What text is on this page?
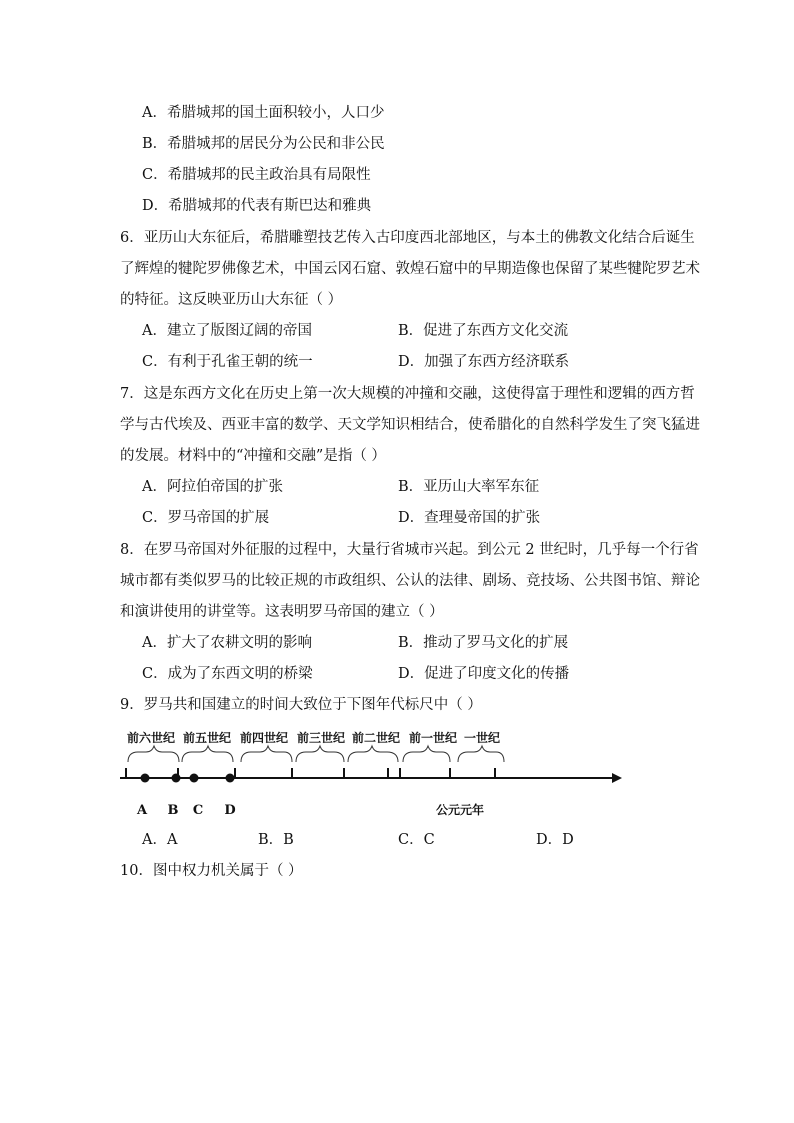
A．希腊城邦的国土面积较小，人口少
B．希腊城邦的居民分为公民和非公民
C．希腊城邦的民主政治具有局限性
D．希腊城邦的代表有斯巴达和雅典
6．亚历山大东征后，希腊雕塑技艺传入古印度西北部地区，与本土的佛教文化结合后诞生
了辉煌的犍陀罗佛像艺术，中国云冈石窟、敦煌石窟中的早期造像也保留了某些犍陀罗艺术
的特征。这反映亚历山大东征（ ）
A．建立了版图辽阔的帝国	B．促进了东西方文化交流
C．有利于孔雀王朝的统一	D．加强了东西方经济联系
7．这是东西方文化在历史上第一次大规模的冲撞和交融，这使得富于理性和逻辑的西方哲
学与古代埃及、西亚丰富的数学、天文学知识相结合，使希腊化的自然科学发生了突飞猛进
的发展。材料中的“冲撞和交融”是指（ ）
A．阿拉伯帝国的扩张	B．亚历山大率军东征
C．罗马帝国的扩展	D．查理曼帝国的扩张
8．在罗马帝国对外征服的过程中，大量行省城市兴起。到公元 2 世纪时，几乎每一个行省
城市都有类似罗马的比较正规的市政组织、公认的法律、剧场、竞技场、公共图书馆、辩论
和演讲使用的讲堂等。这表明罗马帝国的建立（ ）
A．扩大了农耕文明的影响	B．推动了罗马文化的扩展
C．成为了东西文明的桥梁	D．促进了印度文化的传播
9．罗马共和国建立的时间大致位于下图年代标尺中（ ）
前六世纪 前五世纪 前四世纪 前三世纪 前二世纪 前一世纪 一世纪
A B C D	公元元年
A．A	B．B	C．C	D．D
10．图中权力机关属于（ ）
